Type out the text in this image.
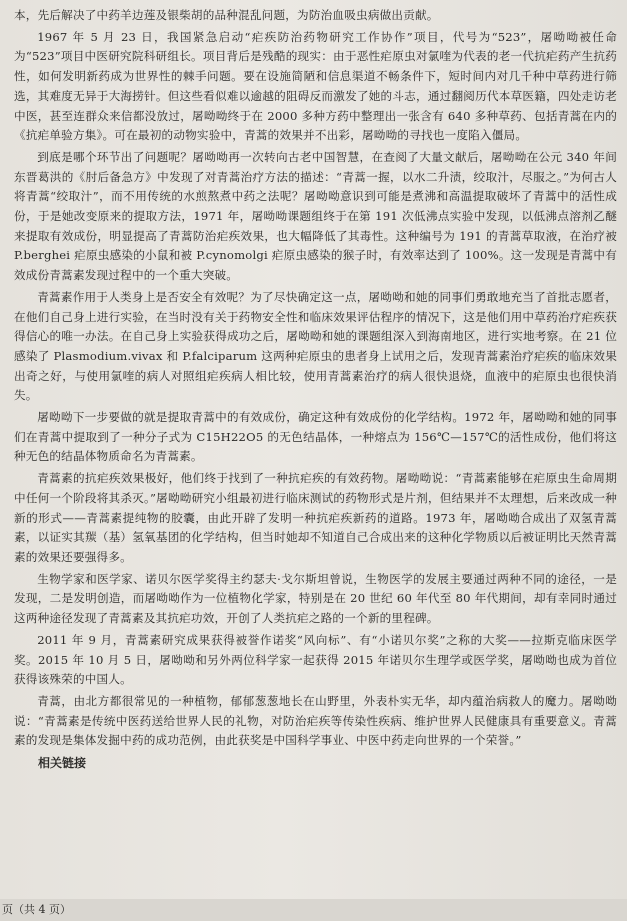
本，先后解决了中药羊边莲及银柴胡的品种混乱问题，为防治血吸虫病做出贡献。

1967 年 5 月 23 日，我国紧急启动“疟疾防治药物研究工作协作”项目，代号为“523”，屠呦呦被任命为“523”项目中医研究院科研组长。项目背后是残酷的现实：由于恶性疟原虫对氯喹为代表的老一代抗疟药产生抗药性，如何发明新药成为世界性的棘手问题。要在设施简陋和信息渠道不畅条件下，短时间内对几千种中草药进行筛选，其难度无异于大海捞针。但这些看似难以逾越的阻碍反而激发了她的斗志，通过翻阅历代本草医籍，四处走访老中医，甚至连群众来信都没放过，屠呦呦终于在 2000 多种方药中整理出一张含有 640 多种草药、包括青蒿在内的《抗疟单验方集》。可在最初的动物实验中，青蒿的效果并不出彩，屠呦呦的寻找也一度陷入僵局。

到底是哪个环节出了问题呢？屠呦呦再一次转向古老中国智慧，在查阅了大量文献后，屠呦呦在公元 340 年间东晋葛洪的《肘后备急方》中发现了对青蒿治疗方法的描述：“青蒿一握，以水二升渍，绞取汁，尽服之。”为何古人将青蒿“绞取汁”，而不用传统的水煎熬煮中药之法呢？屠呦呦意识到可能是煮沸和高温提取破坏了青蒿中的活性成份，于是她改变原来的提取方法，1971 年，屠呦呦课题组终于在第 191 次低沸点实验中发现，以低沸点溶剂乙醚来提取有效成份，明显提高了青蒿防治疟疾效果，也大幅降低了其毒性。这种编号为 191 的青蒿草取液，在治疗被 P.berghei 疟原虫感染的小鼠和被 P.cynomolgi 疟原虫感染的猴子时，有效率达到了 100%。这一发现是青蒿中有效成份青蒿素发现过程中的一个重大突破。

青蒿素作用于人类身上是否安全有效呢？为了尽快确定这一点，屠呦呦和她的同事们勇敢地充当了首批志愿者，在他们自己身上进行实验，在当时没有关于药物安全性和临床效果评估程序的情况下，这是他们用中草药治疗疟疾获得信心的唯一办法。在自己身上实验获得成功之后，屠呦呦和她的课题组深入到海南地区，进行实地考察。在 21 位感染了 Plasmodium.vivax 和 P.falciparum 这两种疟原虫的患者身上试用之后，发现青蒿素治疗疟疾的临床效果出奇之好，与使用氯喹的病人对照组疟疾病人相比较，使用青蒿素治疗的病人很快退烧，血液中的疟原虫也很快消失。

屠呦呦下一步要做的就是提取青蒿中的有效成份，确定这种有效成份的化学结构。1972 年，屠呦呦和她的同事们在青蒿中提取到了一种分子式为 C15H22O5 的无色结晶体，一种熔点为 156℃—157℃的活性成份，他们将这种无色的结晶体物质命名为青蒿素。

青蒿素的抗疟疾效果极好，他们终于找到了一种抗疟疾的有效药物。屠呦呦说：“青蒿素能够在疟原虫生命周期中任何一个阶段将其杀灭。”屠呦呦研究小组最初进行临床测试的药物形式是片剂，但结果并不太理想，后来改成一种新的形式——青蒿素提纯物的胶囊，由此开辟了发明一种抗疟疾新药的道路。1973 年，屠呦呦合成出了双氢青蒿素，以证实其羰（基）氢氧基团的化学结构，但当时她却不知道自己合成出来的这种化学物质以后被证明比天然青蒿素的效果还要强得多。

生物学家和医学家、诺贝尔医学奖得主约瑟夫·戈尔斯坦曾说，生物医学的发展主要通过两种不同的途径，一是发现，二是发明创造，而屠呦呦作为一位植物化学家，特别是在 20 世纪 60 年代至 80 年代期间，却有幸同时通过这两种途径发现了青蒿素及其抗疟功效，开创了人类抗疟之路的一个新的里程碑。

2011 年 9 月，青蒿素研究成果获得被誉作诺奖“风向标”、有“小诺贝尔奖”之称的大奖——拉斯克临床医学奖。2015 年 10 月 5 日，屠呦呦和另外两位科学家一起获得 2015 年诺贝尔生理学或医学奖，屠呦呦也成为首位获得该殊荣的中国人。

青蒿，由北方都很常见的一种植物，郁郁葱葱地长在山野里，外表朴实无华，却内蕴治病救人的魔力。屠呦呦说：“青蒿素是传统中医药送给世界人民的礼物，对防治疟疾等传染性疾病、维护世界人民健康具有重要意义。青蒿素的发现是集体发掘中药的成功范例，由此获奖是中国科学事业、中医中药走向世界的一个荣誉。”

相关链接

页（共 4 页）
